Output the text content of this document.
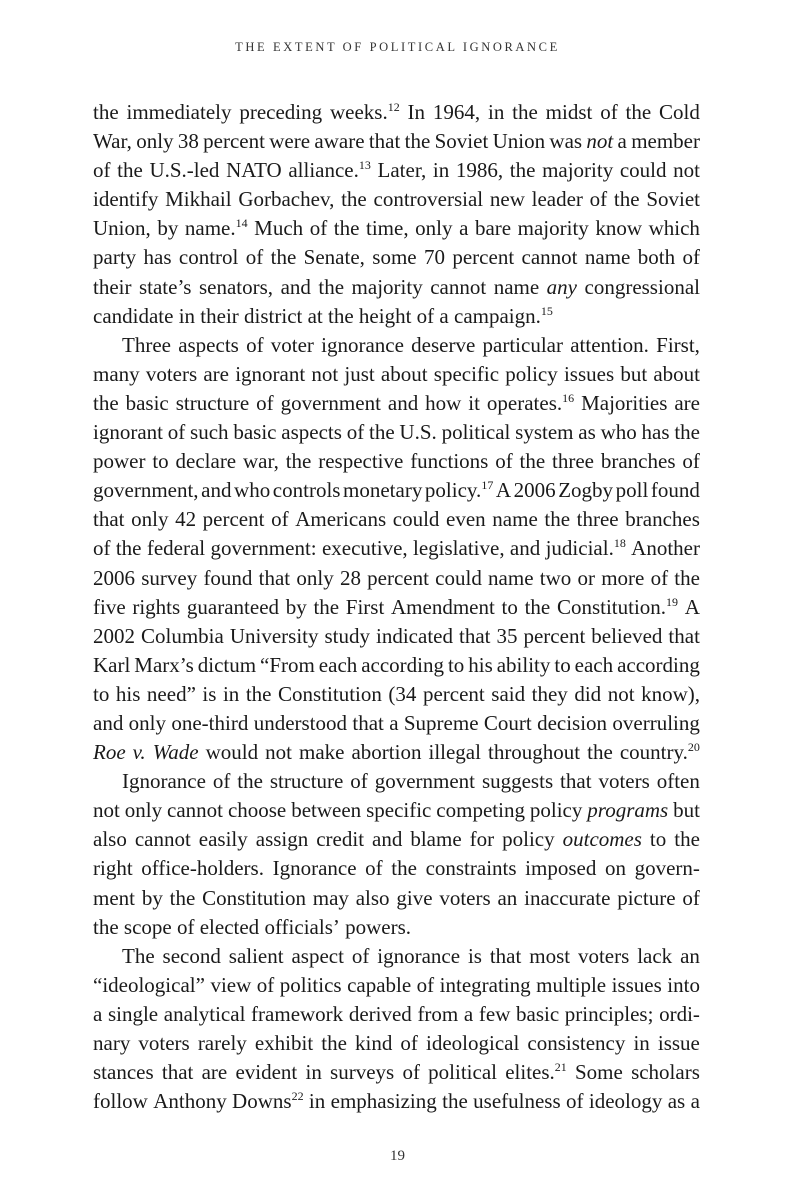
THE EXTENT OF POLITICAL IGNORANCE
the immediately preceding weeks.$^{12}$ In 1964, in the midst of the Cold
War, only 38 percent were aware that the Soviet Union was not a member
of the U.S.-led NATO alliance.$^{13}$ Later, in 1986, the majority could not
identify Mikhail Gorbachev, the controversial new leader of the Soviet
Union, by name.$^{14}$ Much of the time, only a bare majority know which
party has control of the Senate, some 70 percent cannot name both of
their state’s senators, and the majority cannot name any congressional
candidate in their district at the height of a campaign.$^{15}$
Three aspects of voter ignorance deserve particular attention. First,
many voters are ignorant not just about specific policy issues but about
the basic structure of government and how it operates.$^{16}$ Majorities are
ignorant of such basic aspects of the U.S. political system as who has the
power to declare war, the respective functions of the three branches of
government, and who controls monetary policy.$^{17}$ A 2006 Zogby poll found
that only 42 percent of Americans could even name the three branches
of the federal government: executive, legislative, and judicial.$^{18}$ Another
2006 survey found that only 28 percent could name two or more of the
five rights guaranteed by the First Amendment to the Constitution.$^{19}$ A
2002 Columbia University study indicated that 35 percent believed that
Karl Marx’s dictum “From each according to his ability to each according
to his need” is in the Constitution (34 percent said they did not know),
and only one-third understood that a Supreme Court decision overruling
Roe v. Wade would not make abortion illegal throughout the country.$^{20}$
Ignorance of the structure of government suggests that voters often
not only cannot choose between specific competing policy programs but
also cannot easily assign credit and blame for policy outcomes to the
right office-holders. Ignorance of the constraints imposed on govern-
ment by the Constitution may also give voters an inaccurate picture of
the scope of elected officials’ powers.
The second salient aspect of ignorance is that most voters lack an
“ideological” view of politics capable of integrating multiple issues into
a single analytical framework derived from a few basic principles; ordi-
nary voters rarely exhibit the kind of ideological consistency in issue
stances that are evident in surveys of political elites.$^{21}$ Some scholars
follow Anthony Downs$^{22}$ in emphasizing the usefulness of ideology as a
19
